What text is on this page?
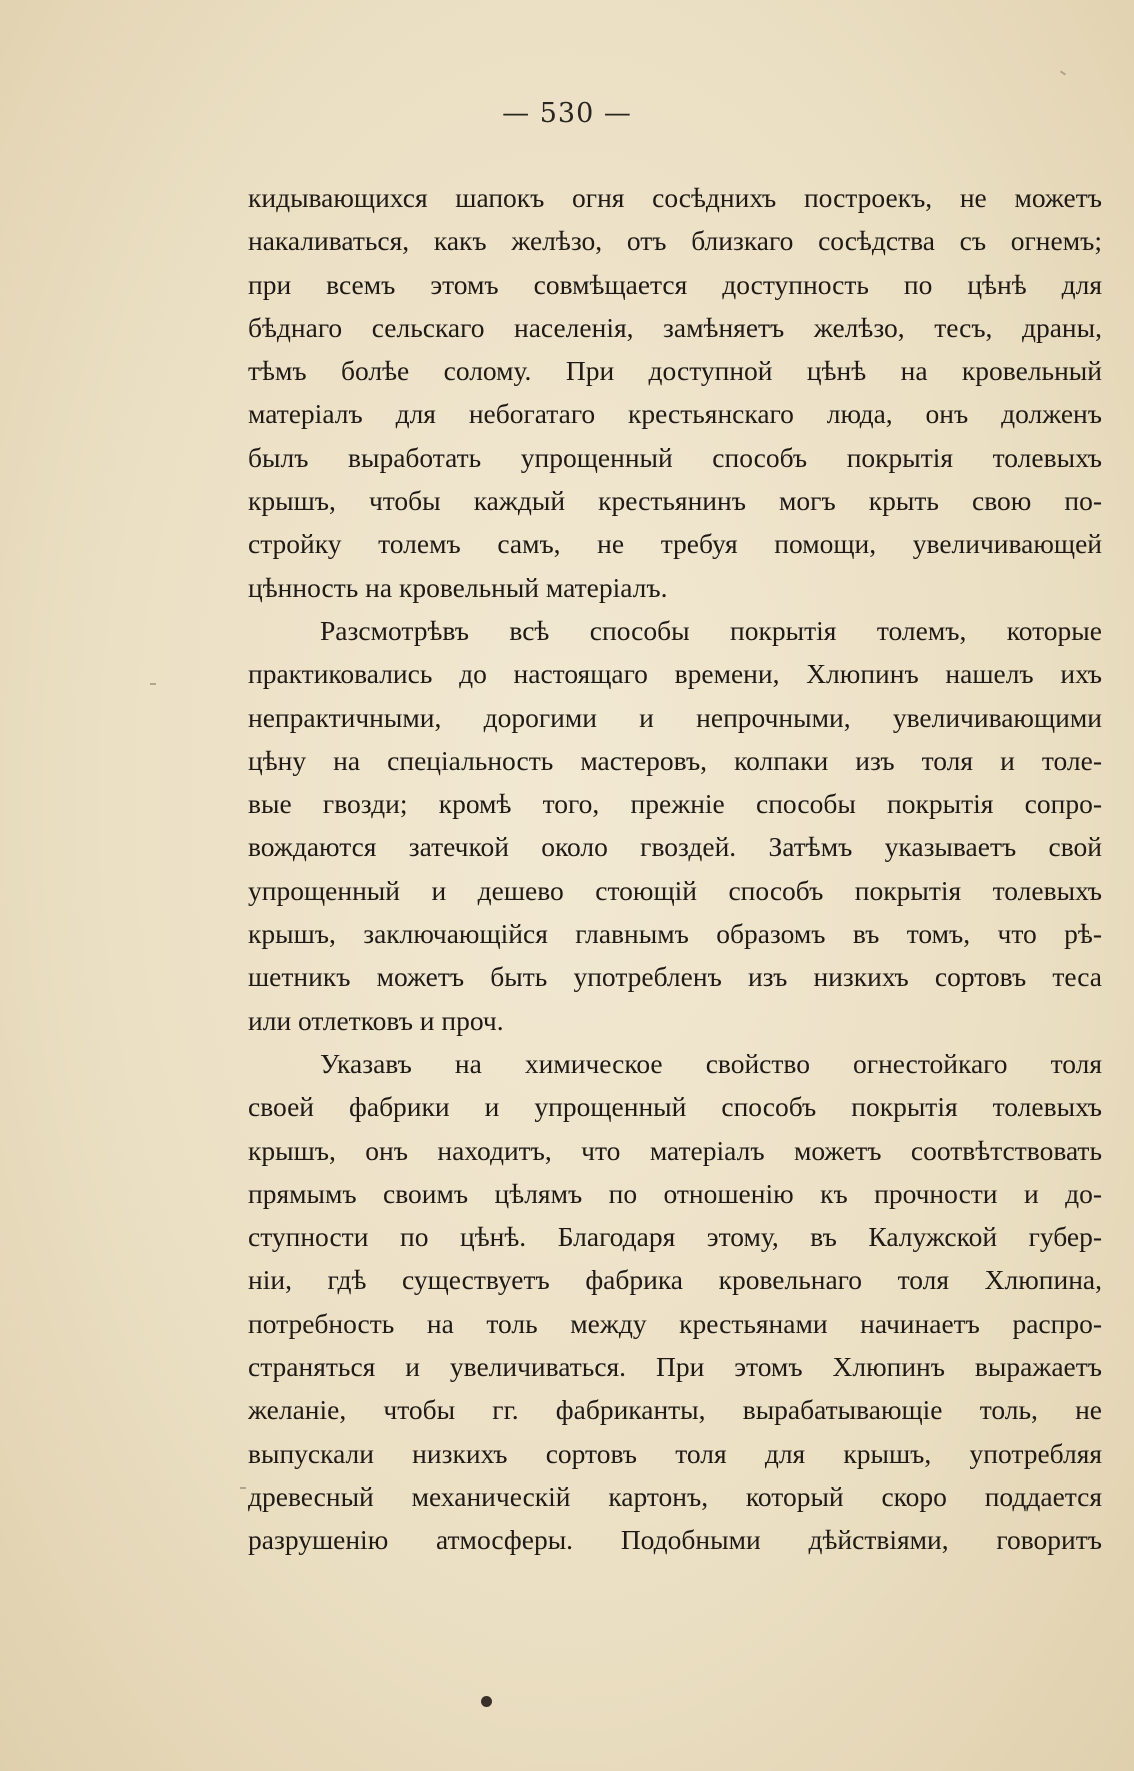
— 530 —
кидывающихся шапокъ огня сосѣднихъ построекъ, не можетъ
накаливаться, какъ желѣзо, отъ близкаго сосѣдства съ огнемъ;
при всемъ этомъ совмѣщается доступность по цѣнѣ для
бѣднаго сельскаго населенія, замѣняетъ желѣзо, тесъ, драны,
тѣмъ болѣе солому. При доступной цѣнѣ на кровельный
матеріалъ для небогатаго крестьянскаго люда, онъ долженъ
былъ выработать упрощенный способъ покрытія толевыхъ
крышъ, чтобы каждый крестьянинъ могъ крыть свою по-
стройку толемъ самъ, не требуя помощи, увеличивающей
цѣнность на кровельный матеріалъ.
Разсмотрѣвъ всѣ способы покрытія толемъ, которые
практиковались до настоящаго времени, Хлюпинъ нашелъ ихъ
непрактичными, дорогими и непрочными, увеличивающими
цѣну на спеціальность мастеровъ, колпаки изъ толя и толе-
вые гвозди; кромѣ того, прежніе способы покрытія сопро-
вождаются затечкой около гвоздей. Затѣмъ указываетъ свой
упрощенный и дешево стоющій способъ покрытія толевыхъ
крышъ, заключающійся главнымъ образомъ въ томъ, что рѣ-
шетникъ можетъ быть употребленъ изъ низкихъ сортовъ теса
или отлетковъ и проч.
Указавъ на химическое свойство огнестойкаго толя
своей фабрики и упрощенный способъ покрытія толевыхъ
крышъ, онъ находитъ, что матеріалъ можетъ соотвѣтствовать
прямымъ своимъ цѣлямъ по отношенію къ прочности и до-
ступности по цѣнѣ. Благодаря этому, въ Калужской губер-
ніи, гдѣ существуетъ фабрика кровельнаго толя Хлюпина,
потребность на толь между крестьянами начинаетъ распро-
страняться и увеличиваться. При этомъ Хлюпинъ выражаетъ
желаніе, чтобы гг. фабриканты, вырабатывающіе толь, не
выпускали низкихъ сортовъ толя для крышъ, употребляя
древесный механическій картонъ, который скоро поддается
разрушенію атмосферы. Подобными дѣйствіями, говоритъ
